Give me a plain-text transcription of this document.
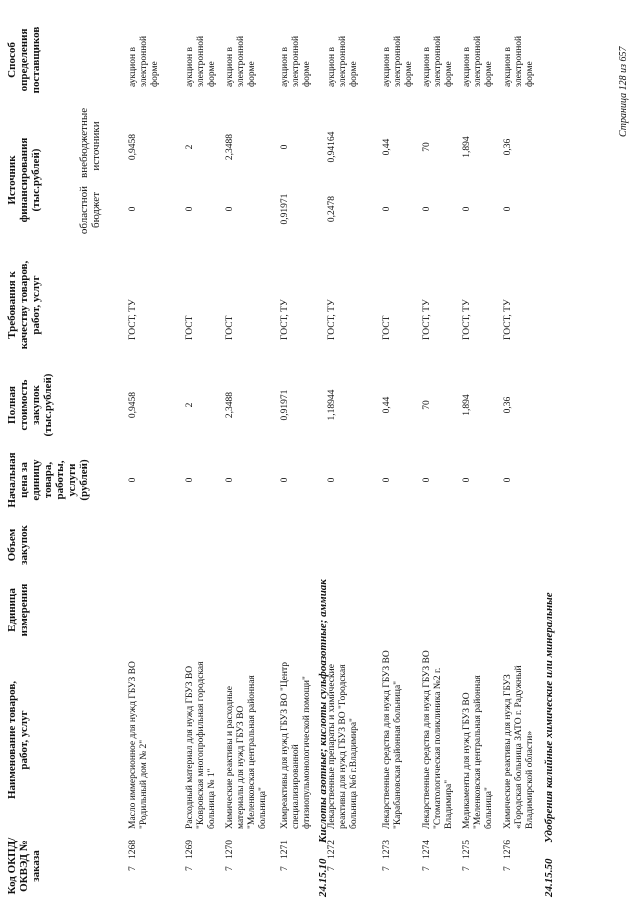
Код ОКПД/ ОКВЭД № заказа
Наименование товаров, работ, услуг
Единица измерения
Объем закупок
Начальная цена за единицу товара, работы, услуги (рублей)
Полная стоимость закупок (тыс.рублей)
Требования к качеству товаров, работ, услуг
Источник финансирования (тыс.рублей)	областной бюджет
внебюджетные источники
Способ определения поставщиков
7
1268
Масло иммерсионное для нужд ГБУЗ ВО "Родильный дом № 2"
0
0,9458
ГОСТ, ТУ
0
0,9458
аукцион в электронной форме
7
1269
Расходный материал для нужд ГБУЗ ВО "Ковровская многопрофильная городская больница № 1"
0
2
ГОСТ
0
2
аукцион в электронной форме
7
1270
Химические реактивы и расходные материалы для нужд ГБУЗ ВО "Меленковская центральная районная больница"
0
2,3488
ГОСТ
0
2,3488
аукцион в электронной форме
7
1271
Химреактивы для нужд ГБУЗ ВО "Центр специализированной фтизиопульмонологической помощи"
0
0,91971
ГОСТ, ТУ
0,91971
0
аукцион в электронной форме
24.15.10
Кислоты азотные; кислоты сульфоазотные; аммиак
7
1272
Лекарственные препараты и химические реактивы для нужд ГБУЗ ВО "Городская больница №6 г.Владимира"
0
1,18944
ГОСТ, ТУ
0,2478
0,94164
аукцион в электронной форме
7
1273
Лекарственные средства для нужд ГБУЗ ВО "Карабановская районная больница"
0
0,44
ГОСТ
0
0,44
аукцион в электронной форме
7
1274
Лекарственные средства для нужд ГБУЗ ВО "Стоматологическая поликлиника №2 г. Владимира"
0
70
ГОСТ, ТУ
0
70
аукцион в электронной форме
7
1275
Медикаменты для нужд ГБУЗ ВО "Меленковская центральная районная больница"
0
1,894
ГОСТ, ТУ
0
1,894
аукцион в электронной форме
7
1276
Химические реактивы для нужд ГБУЗ «Городская больница ЗАТО г. Радужный Владимирской области»
0
0,36
ГОСТ, ТУ
0
0,36
аукцион в электронной форме
24.15.50
Удобрения калийные химические или минеральные
Страница 128 из 657
